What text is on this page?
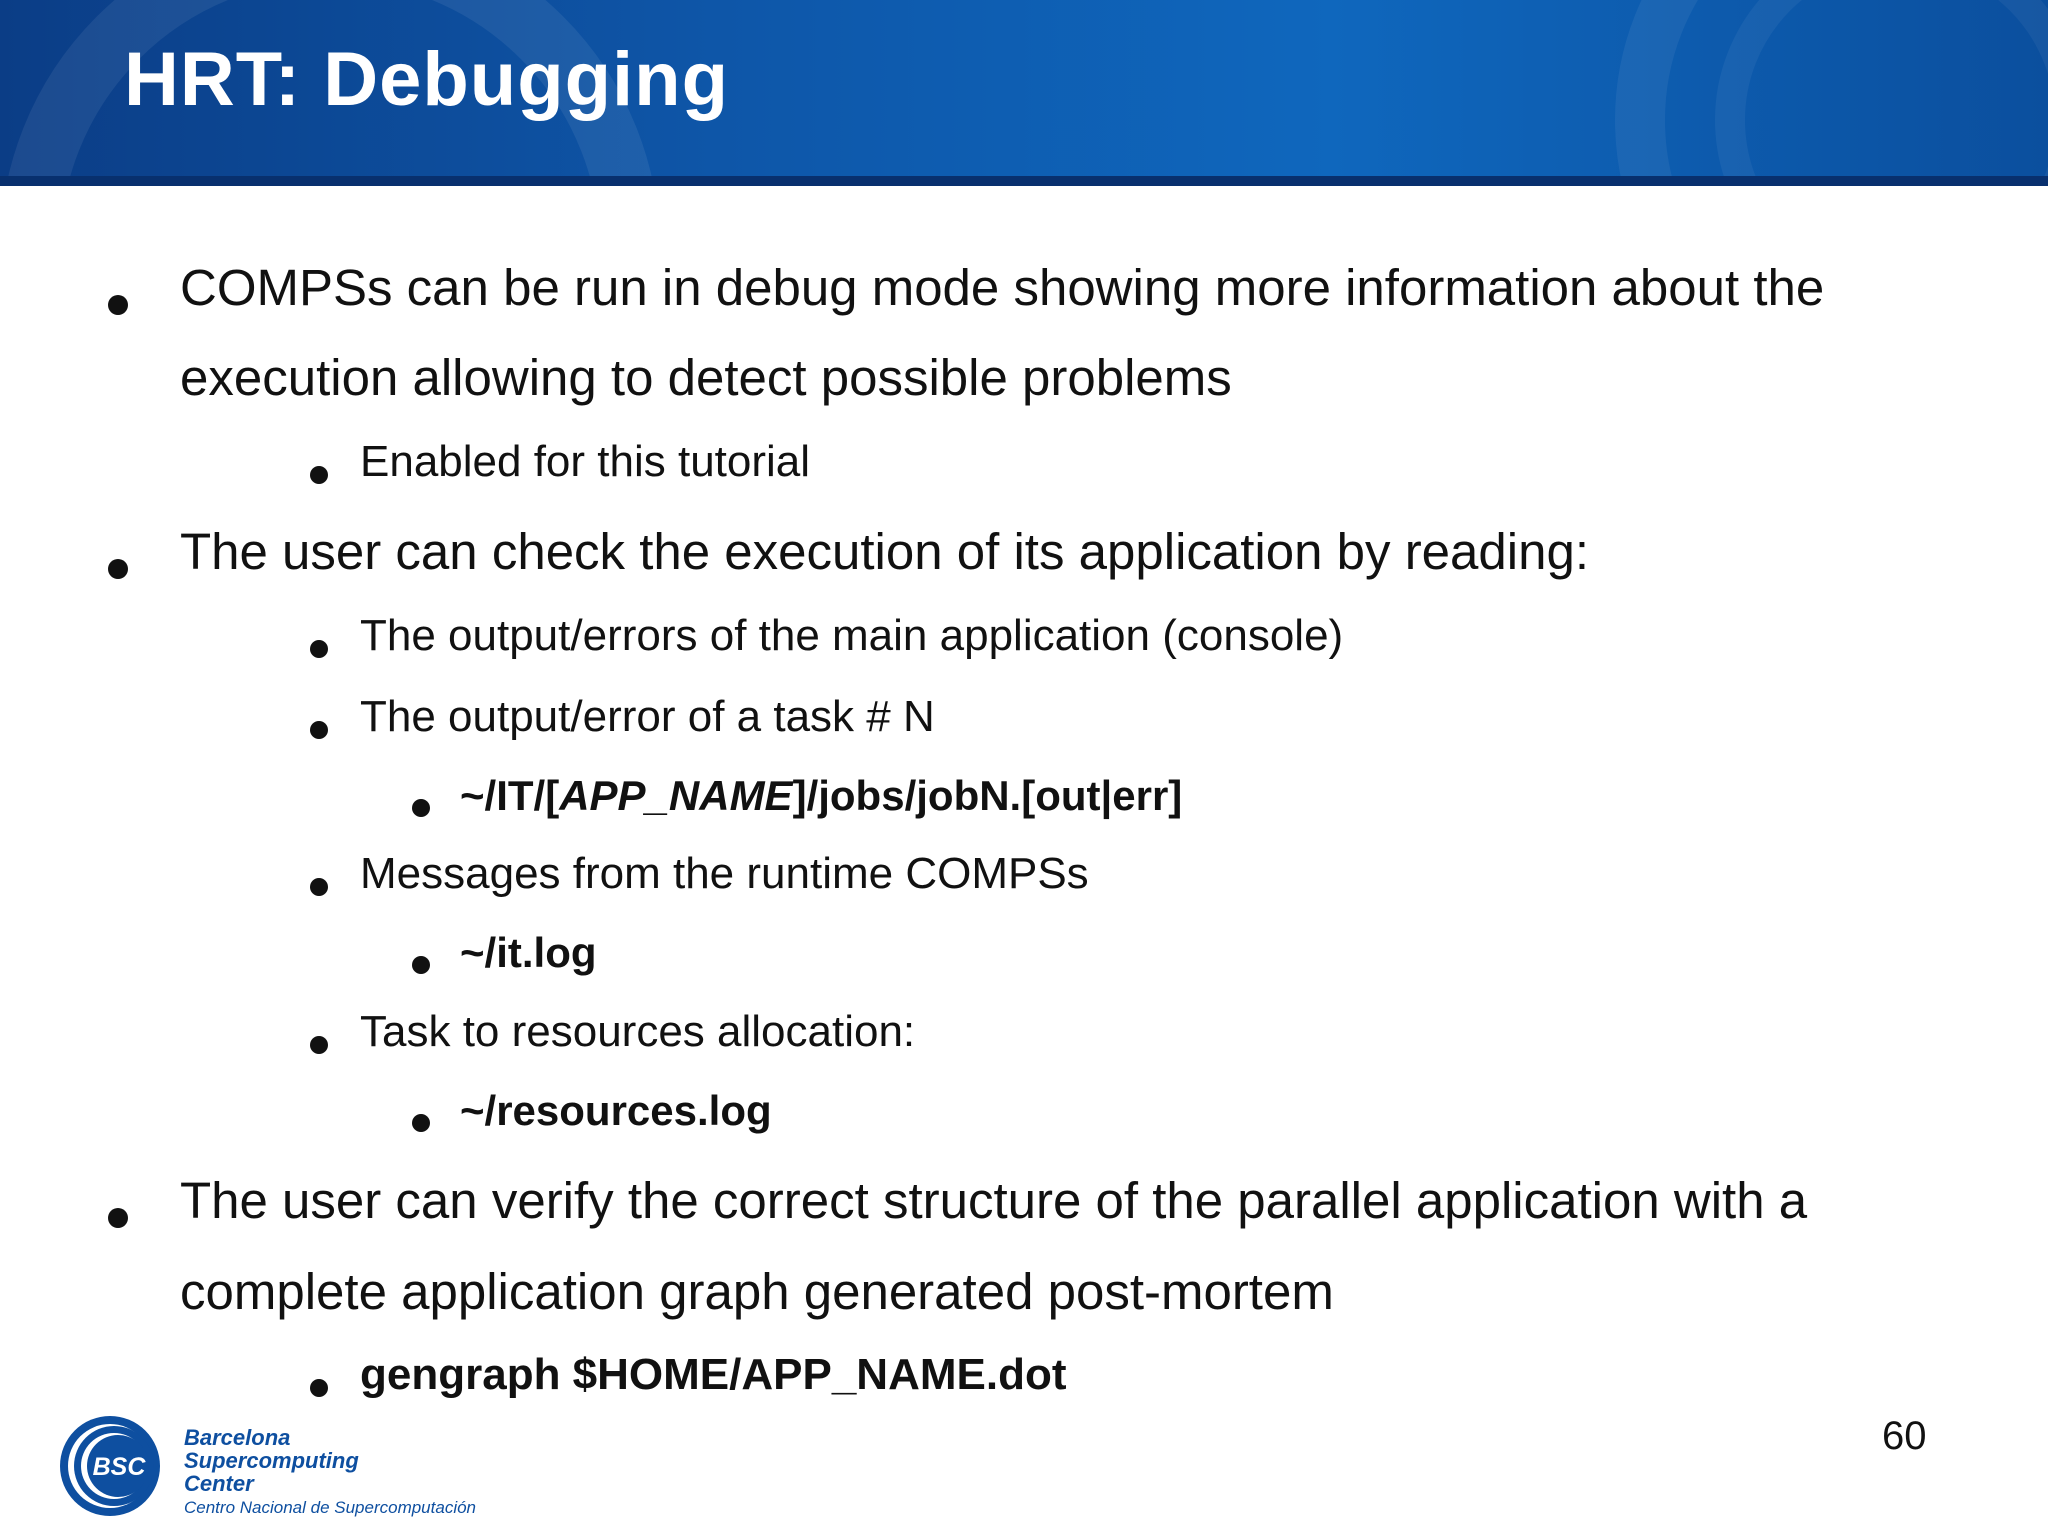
HRT: Debugging
COMPSs can be run in debug mode showing more information about the
execution allowing to detect possible problems
Enabled for this tutorial
The user can check the execution of its application by reading:
The output/errors of the main application (console)
The output/error of a task # N
~/IT/[APP_NAME]/jobs/jobN.[out|err]
Messages from the runtime COMPSs
~/it.log
Task to resources allocation:
~/resources.log
The user can verify the correct structure of the parallel application with a
complete application graph generated post-mortem
gengraph $HOME/APP_NAME.dot
60
BSC
Barcelona
Supercomputing
Center
Centro Nacional de Supercomputación
